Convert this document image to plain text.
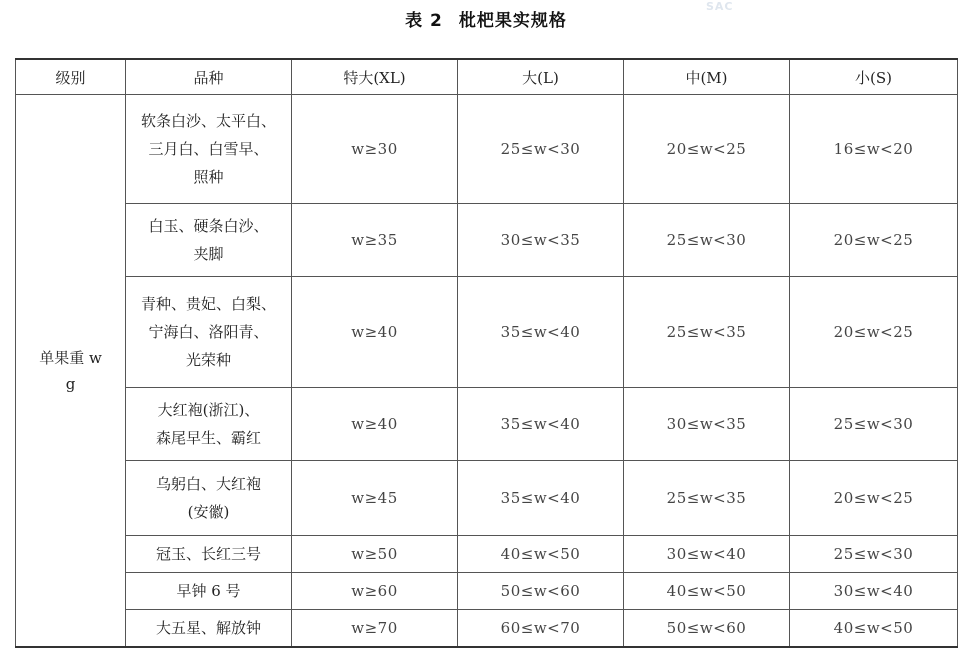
表 2 枇杷果实规格
SAC
级别	品种	特大(XL)	大(L)	中(M)	小(S)
单果重 w
g	软条白沙、太平白、
三月白、白雪早、
照种	w≥30	25≤w<30	20≤w<25	16≤w<20
	白玉、硬条白沙、
夹脚	w≥35	30≤w<35	25≤w<30	20≤w<25
	青种、贵妃、白梨、
宁海白、洛阳青、
光荣种	w≥40	35≤w<40	25≤w<35	20≤w<25
	大红袍(浙江)、
森尾早生、霸红	w≥40	35≤w<40	30≤w<35	25≤w<30
	乌躬白、大红袍
(安徽)	w≥45	35≤w<40	25≤w<35	20≤w<25
	冠玉、长红三号	w≥50	40≤w<50	30≤w<40	25≤w<30
	早钟 6 号	w≥60	50≤w<60	40≤w<50	30≤w<40
	大五星、解放钟	w≥70	60≤w<70	50≤w<60	40≤w<50
